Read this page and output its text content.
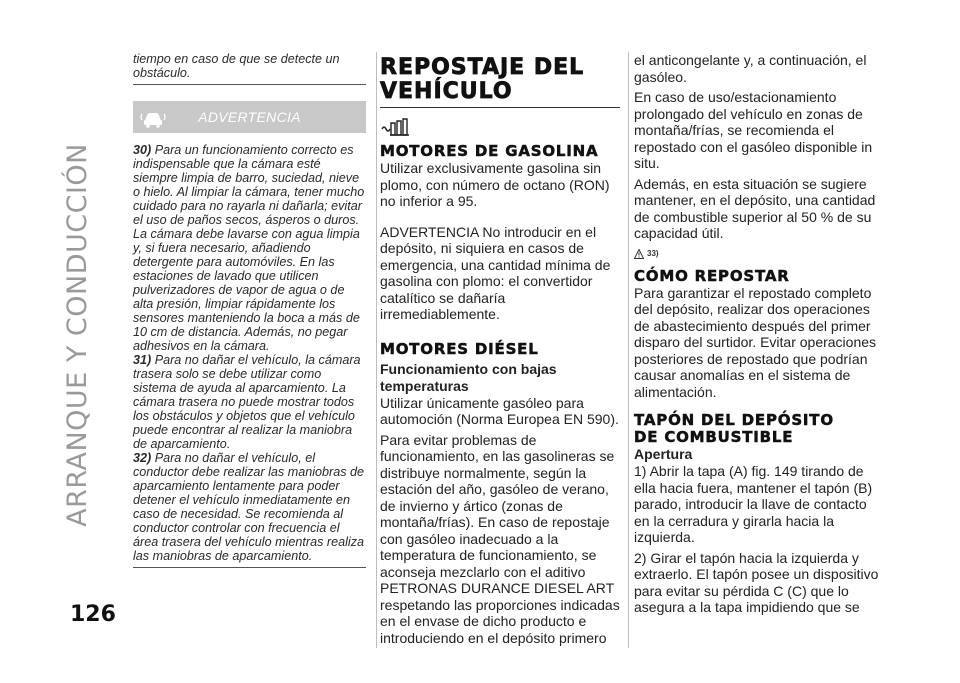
ARRANQUE Y CONDUCCIÓN
126
tiempo en caso de que se detecte un obstáculo.
ADVERTENCIA

30) Para un funcionamiento correcto es indispensable que la cámara esté siempre limpia de barro, suciedad, nieve o hielo. Al limpiar la cámara, tener mucho cuidado para no rayarla ni dañarla; evitar el uso de paños secos, ásperos o duros. La cámara debe lavarse con agua limpia y, si fuera necesario, añadiendo detergente para automóviles. En las estaciones de lavado que utilicen pulverizadores de vapor de agua o de alta presión, limpiar rápidamente los sensores manteniendo la boca a más de 10 cm de distancia. Además, no pegar adhesivos en la cámara.

31) Para no dañar el vehículo, la cámara trasera solo se debe utilizar como sistema de ayuda al aparcamiento. La cámara trasera no puede mostrar todos los obstáculos y objetos que el vehículo puede encontrar al realizar la maniobra de aparcamiento.

32) Para no dañar el vehículo, el conductor debe realizar las maniobras de aparcamiento lentamente para poder detener el vehículo inmediatamente en caso de necesidad. Se recomienda al conductor controlar con frecuencia el área trasera del vehículo mientras realiza las maniobras de aparcamiento.

REPOSTAJE DEL
VEHÍCULO
MOTORES DE GASOLINA

Utilizar exclusivamente gasolina sin plomo, con número de octano (RON) no inferior a 95.

ADVERTENCIA No introducir en el depósito, ni siquiera en casos de emergencia, una cantidad mínima de gasolina con plomo: el convertidor catalítico se dañaría irremediablemente.

MOTORES DIÉSEL
Funcionamiento con bajas temperaturas

Utilizar únicamente gasóleo para automoción (Norma Europea EN 590).

Para evitar problemas de funcionamiento, en las gasolineras se distribuye normalmente, según la estación del año, gasóleo de verano, de invierno y ártico (zonas de montaña/frías). En caso de repostaje con gasóleo inadecuado a la temperatura de funcionamiento, se aconseja mezclarlo con el aditivo PETRONAS DURANCE DIESEL ART respetando las proporciones indicadas en el envase de dicho producto e introduciendo en el depósito primero

el anticongelante y, a continuación, el gasóleo.

En caso de uso/estacionamiento prolongado del vehículo en zonas de montaña/frías, se recomienda el repostado con el gasóleo disponible in situ.

Además, en esta situación se sugiere mantener, en el depósito, una cantidad de combustible superior al 50 % de su capacidad útil.

33)
CÓMO REPOSTAR

Para garantizar el repostado completo del depósito, realizar dos operaciones de abastecimiento después del primer disparo del surtidor. Evitar operaciones posteriores de repostado que podrían causar anomalías en el sistema de alimentación.

TAPÓN DEL DEPÓSITO
DE COMBUSTIBLE
Apertura

1) Abrir la tapa (A) fig. 149 tirando de ella hacia fuera, mantener el tapón (B) parado, introducir la llave de contacto en la cerradura y girarla hacia la izquierda.

2) Girar el tapón hacia la izquierda y extraerlo. El tapón posee un dispositivo para evitar su pérdida C (C) que lo asegura a la tapa impidiendo que se
